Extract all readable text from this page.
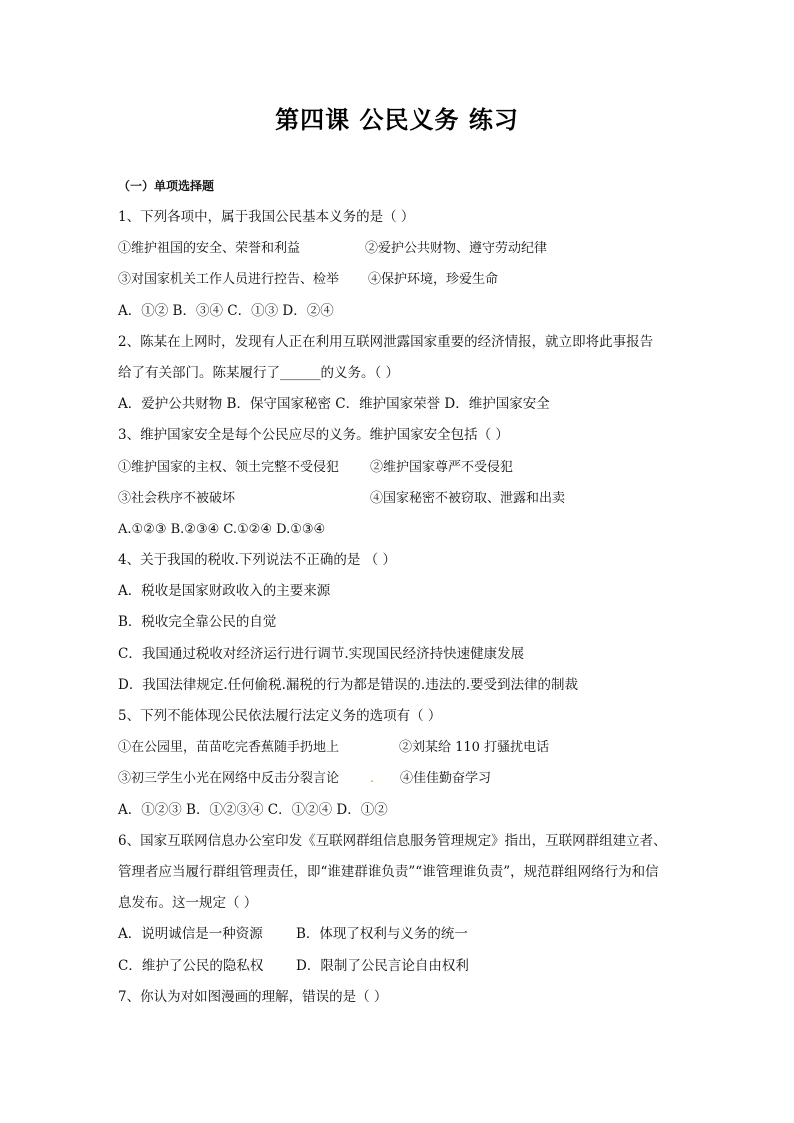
第四课 公民义务 练习
（一）单项选择题
1、下列各项中，属于我国公民基本义务的是（ ）
①维护祖国的安全、荣誉和利益	②爱护公共财物、遵守劳动纪律
③对国家机关工作人员进行控告、检举	④保护环境，珍爱生命
A．①② B．③④ C．①③ D．②④
2、陈某在上网时，发现有人正在利用互联网泄露国家重要的经济情报，就立即将此事报告
给了有关部门。陈某履行了______的义务。（ ）
A．爱护公共财物 B．保守国家秘密 C．维护国家荣誉 D．维护国家安全
3、维护国家安全是每个公民应尽的义务。维护国家安全包括（ ）
①维护国家的主权、领土完整不受侵犯	②维护国家尊严不受侵犯
③社会秩序不被破坏	④国家秘密不被窃取、泄露和出卖
A.①②③ B.②③④ C.①②④ D.①③④
4、关于我国的税收.下列说法不正确的是 （ ）
A．税收是国家财政收入的主要来源
B．税收完全靠公民的自觉
C．我国通过税收对经济运行进行调节.实现国民经济持快速健康发展
D．我国法律规定.任何偷税.漏税的行为都是错误的.违法的.要受到法律的制裁
5、下列不能体现公民依法履行法定义务的选项有（ ）
①在公园里，苗苗吃完香蕉随手扔地上	②刘某给 110 打骚扰电话
③初三学生小光在网络中反击分裂言论	.	④佳佳勤奋学习
A．①②③ B．①②③④ C．①②④ D．①②
6、国家互联网信息办公室印发《互联网群组信息服务管理规定》指出，互联网群组建立者、
管理者应当履行群组管理责任，即“谁建群谁负责”“谁管理谁负责”，规范群组网络行为和信
息发布。这一规定（ ）
A．说明诚信是一种资源	B．体现了权利与义务的统一
C．维护了公民的隐私权	D．限制了公民言论自由权利
7、你认为对如图漫画的理解，错误的是（ ）
